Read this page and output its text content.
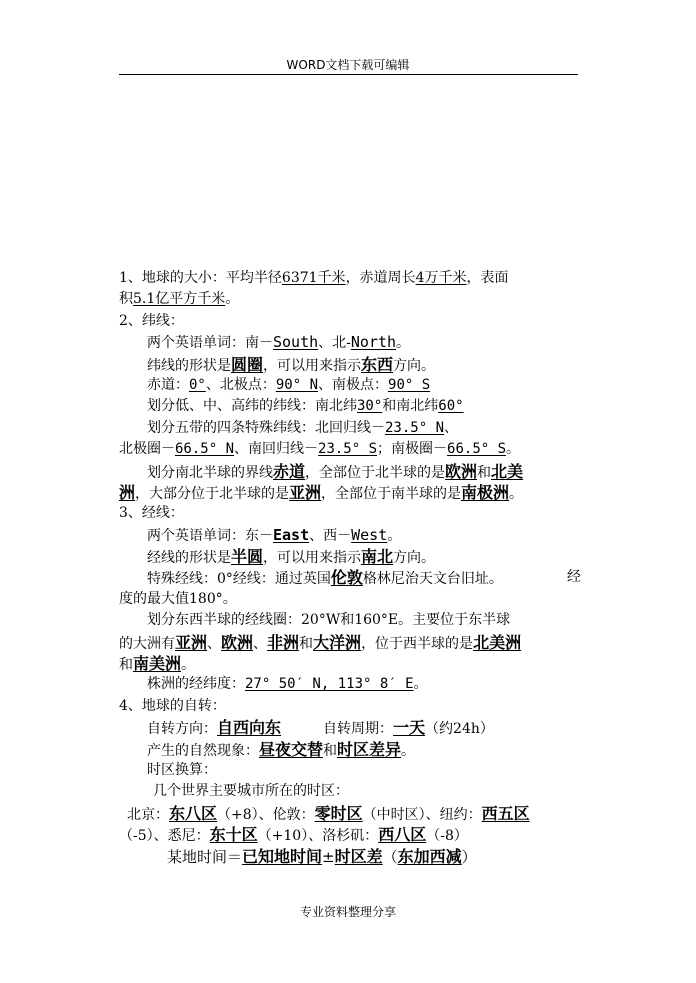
WORD文档下载可编辑
1、地球的大小：平均半径6371千米，赤道周长4万千米，表面
积5.1亿平方千米。
2、纬线：
两个英语单词：南－South、北-North。
纬线的形状是圆圈，可以用来指示东西方向。
赤道：0°、北极点：90° N、南极点：90° S
划分低、中、高纬的纬线：南北纬30°和南北纬60°
划分五带的四条特殊纬线：北回归线－23.5° N、
北极圈－66.5° N、南回归线－23.5° S；南极圈－66.5° S。
划分南北半球的界线赤道，全部位于北半球的是欧洲和北美
洲，大部分位于北半球的是亚洲，全部位于南半球的是南极洲。
3、经线：
两个英语单词：东－East、西－West。
经线的形状是半圆，可以用来指示南北方向。
特殊经线：0°经线：通过英国伦敦格林尼治天文台旧址。	经
度的最大值180°。
划分东西半球的经线圈：20°W和160°E。主要位于东半球
的大洲有亚洲、欧洲、非洲和大洋洲，位于西半球的是北美洲
和南美洲。
株洲的经纬度：27° 50′ N, 113° 8′ E。
4、地球的自转：
自转方向：自西向东	自转周期：一天（约24h）
产生的自然现象：昼夜交替和时区差异。
时区换算：
几个世界主要城市所在的时区：
北京：东八区（+8）、伦敦：零时区（中时区）、纽约：西五区
（-5）、悉尼：东十区（+10）、洛杉矶：西八区（-8）
某地时间＝已知地时间±时区差（东加西减）
专业资料整理分享
